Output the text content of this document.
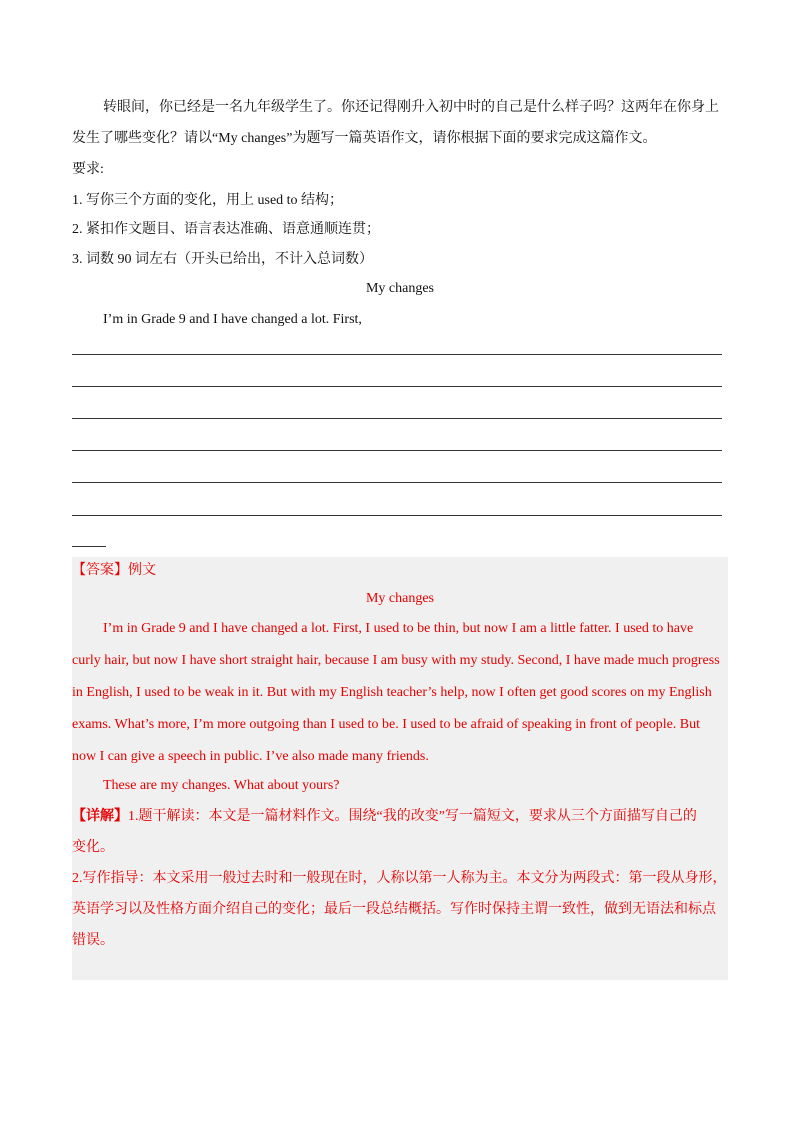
转眼间，你已经是一名九年级学生了。你还记得刚升入初中时的自己是什么样子吗？这两年在你身上
发生了哪些变化？请以“My changes”为题写一篇英语作文，请你根据下面的要求完成这篇作文。
要求:
1. 写你三个方面的变化，用上 used to 结构；
2. 紧扣作文题目、语言表达准确、语意通顺连贯；
3. 词数 90 词左右（开头已给出，不计入总词数）
My changes
I’m in Grade 9 and I have changed a lot. First,
【答案】例文
My changes
I’m in Grade 9 and I have changed a lot. First, I used to be thin, but now I am a little fatter. I used to have
curly hair, but now I have short straight hair, because I am busy with my study. Second, I have made much progress
in English, I used to be weak in it. But with my English teacher’s help, now I often get good scores on my English
exams. What’s more, I’m more outgoing than I used to be. I used to be afraid of speaking in front of people. But
now I can give a speech in public. I’ve also made many friends.
These are my changes. What about yours?
【详解】1.题干解读：本文是一篇材料作文。围绕“我的改变”写一篇短文，要求从三个方面描写自己的
变化。
2.写作指导：本文采用一般过去时和一般现在时，人称以第一人称为主。本文分为两段式：第一段从身形，
英语学习以及性格方面介绍自己的变化；最后一段总结概括。写作时保持主谓一致性，做到无语法和标点
错误。
